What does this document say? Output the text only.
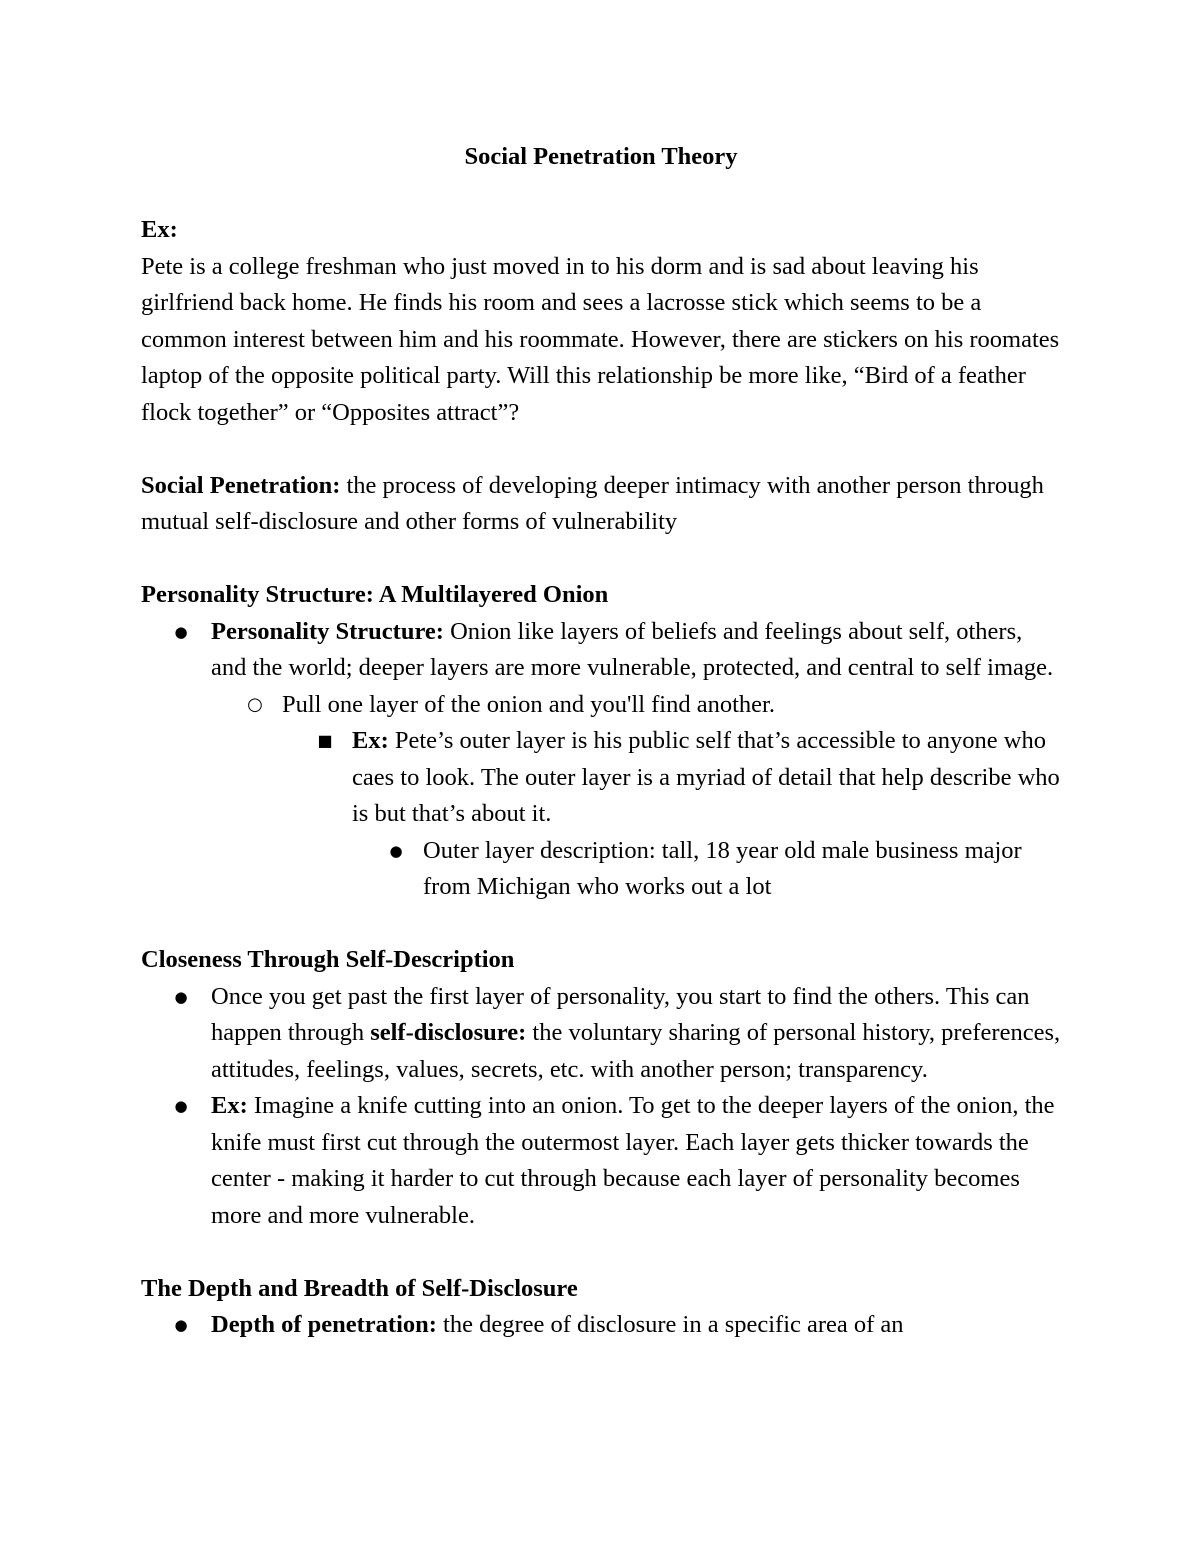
Social Penetration Theory

Ex:

Pete is a college freshman who just moved in to his dorm and is sad about leaving his girlfriend back home. He finds his room and sees a lacrosse stick which seems to be a common interest between him and his roommate. However, there are stickers on his roomates laptop of the opposite political party. Will this relationship be more like, “Bird of a feather flock together” or “Opposites attract”?

Social Penetration: the process of developing deeper intimacy with another person through mutual self-disclosure and other forms of vulnerability

Personality Structure: A Multilayered Onion

● Personality Structure: Onion like layers of beliefs and feelings about self, others, and the world; deeper layers are more vulnerable, protected, and central to self image.
○ Pull one layer of the onion and you'll find another.
■ Ex: Pete’s outer layer is his public self that’s accessible to anyone who caes to look. The outer layer is a myriad of detail that help describe who is but that’s about it.
● Outer layer description: tall, 18 year old male business major from Michigan who works out a lot

Closeness Through Self-Description

● Once you get past the first layer of personality, you start to find the others. This can happen through self-disclosure: the voluntary sharing of personal history, preferences, attitudes, feelings, values, secrets, etc. with another person; transparency.
● Ex: Imagine a knife cutting into an onion. To get to the deeper layers of the onion, the knife must first cut through the outermost layer. Each layer gets thicker towards the center - making it harder to cut through because each layer of personality becomes more and more vulnerable.

The Depth and Breadth of Self-Disclosure

● Depth of penetration: the degree of disclosure in a specific area of an
